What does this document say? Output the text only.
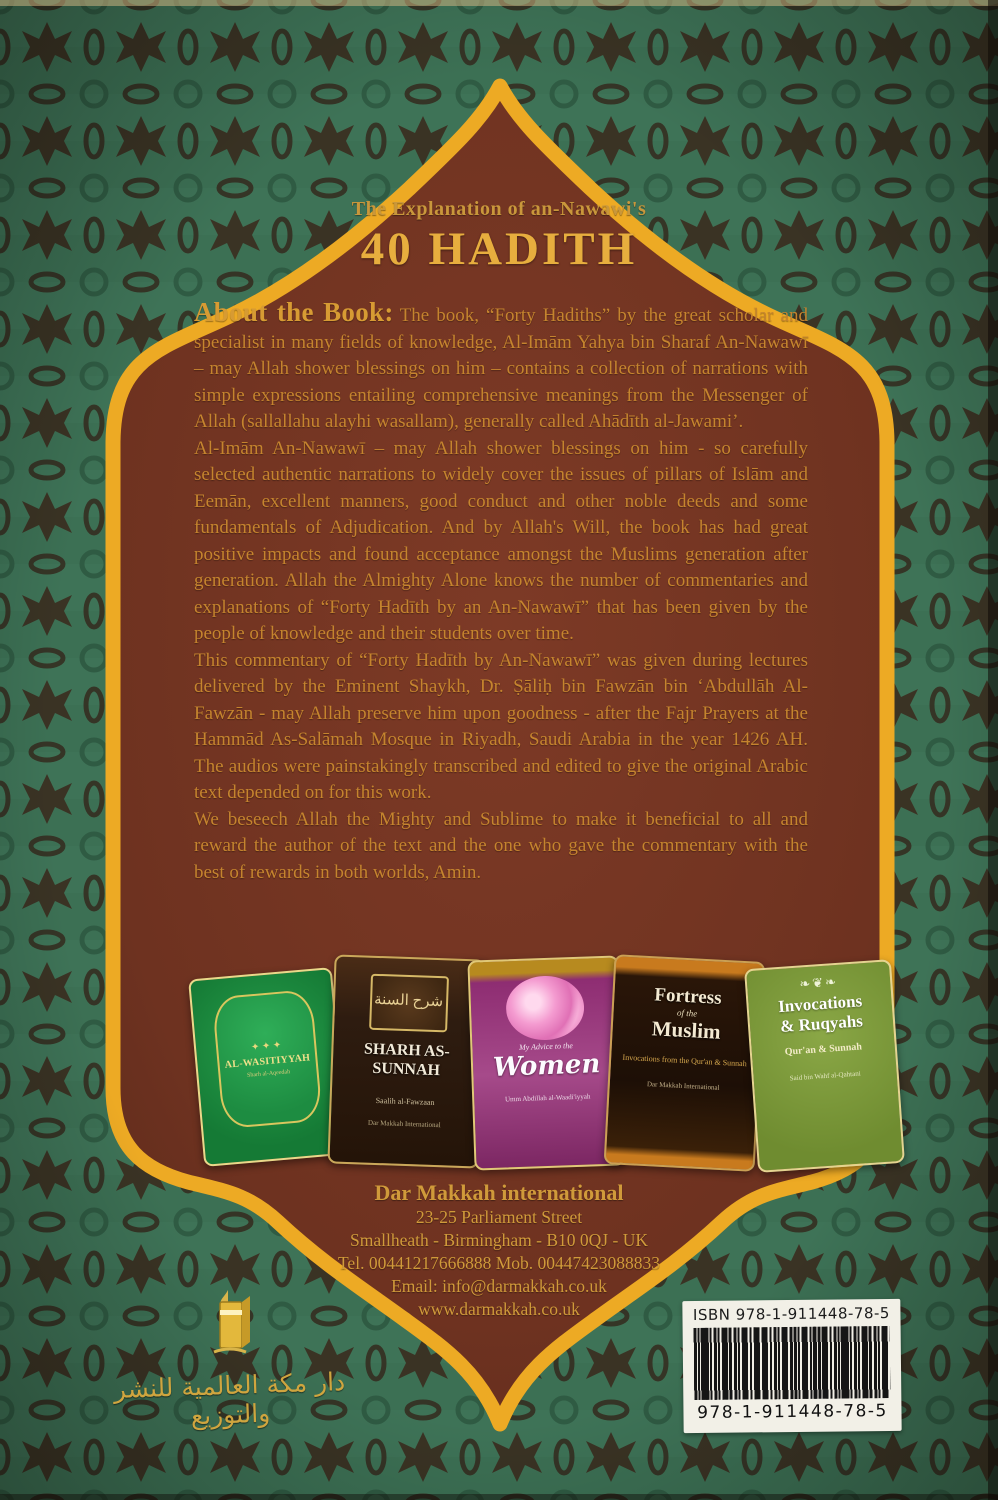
The Explanation of an-Nawawi's
40 HADITH

About the Book: The book, “Forty Hadiths” by the great scholar and specialist in many fields of knowledge, Al-Imām Yahya bin Sharaf An-Nawawī – may Allah shower blessings on him – contains a collection of narrations with simple expressions entailing comprehensive meanings from the Messenger of Allah (sallallahu alayhi wasallam), generally called Ahādīth al-Jawami’.

Al-Imām An-Nawawī – may Allah shower blessings on him - so carefully selected authentic narrations to widely cover the issues of pillars of Islām and Eemān, excellent manners, good conduct and other noble deeds and some fundamentals of Adjudication. And by Allah's Will, the book has had great positive impacts and found acceptance amongst the Muslims generation after generation. Allah the Almighty Alone knows the number of commentaries and explanations of “Forty Hadīth by an An-Nawawī” that has been given by the people of knowledge and their students over time.

This commentary of “Forty Hadīth by An-Nawawī” was given during lectures delivered by the Eminent Shaykh, Dr. Ṣāliḥ bin Fawzān bin ‘Abdullāh Al-Fawzān - may Allah preserve him upon goodness - after the Fajr Prayers at the Hammād As-Salāmah Mosque in Riyadh, Saudi Arabia in the year 1426 AH. The audios were painstakingly transcribed and edited to give the original Arabic text depended on for this work.

We beseech Allah the Mighty and Sublime to make it beneficial to all and reward the author of the text and the one who gave the commentary with the best of rewards in both worlds, Amin.

✦ ✦ ✦
AL-WASITIYYAH
Sharh al-Aqeedah
شرح السنة
SHARH AS-SUNNAH
Saalih al-Fawzaan
Dar Makkah International
My Advice to the
Women
Umm Abdillah al-Waadi'iyyah
Fortress
of the
Muslim
Invocations from the Qur'an & Sunnah
Dar Makkah International
❧❦❧
Invocations
& Ruqyahs
Qur'an & Sunnah
Said bin Wahf al-Qahtani
Dar Makkah international
23-25 Parliament Street
Smallheath - Birmingham - B10 0QJ - UK
Tel. 00441217666888 Mob. 00447423088833
Email: info@darmakkah.co.uk
www.darmakkah.co.uk
دار مكة العالمية للنشر والتوزيع
ISBN 978-1-911448-78-5
978-1-911448-78-5
